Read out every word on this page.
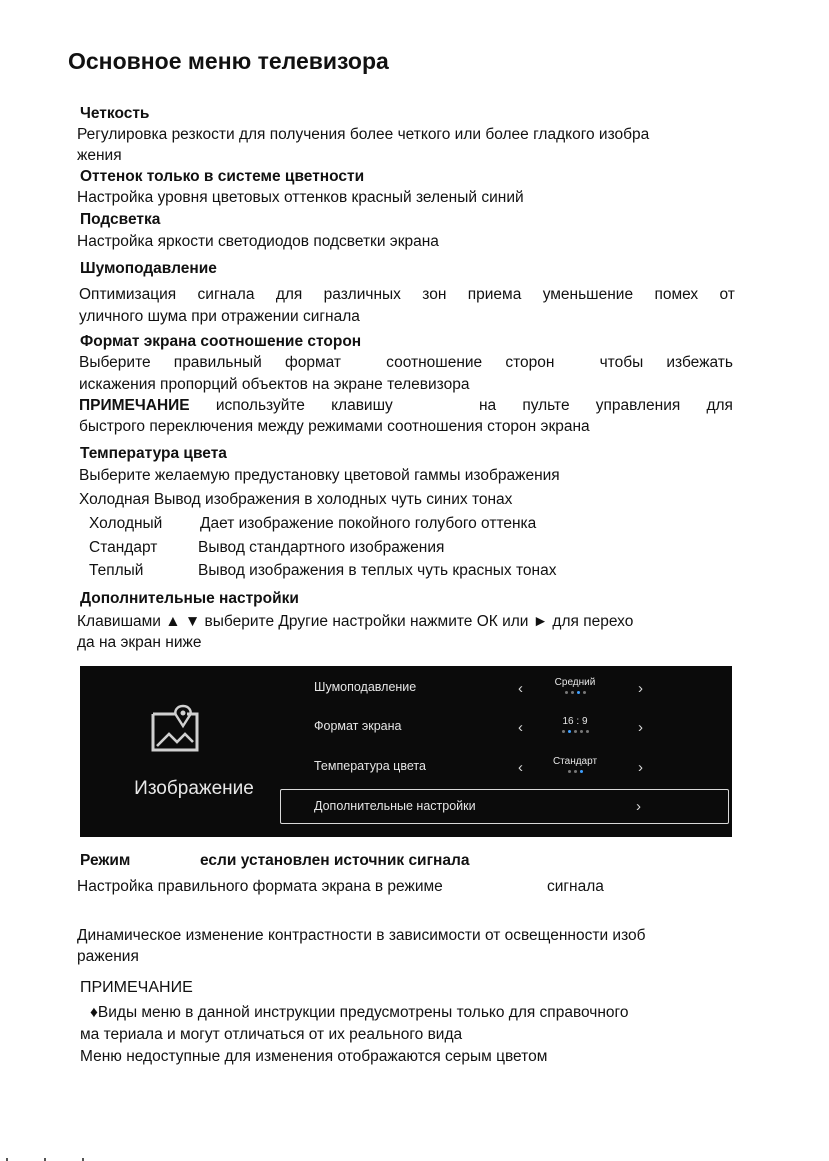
Основное меню телевизора
Четкость
Регулировка резкости для получения более четкого или более гладкого изобра
жения
Оттенок только в системе цветности
Настройка уровня цветовых оттенков красный зеленый синий
Подсветка
Настройка яркости светодиодов подсветки экрана
Шумоподавление
Оптимизация сигнала для различных зон приема уменьшение помех от
уличного шума при отражении сигнала
Формат экрана соотношение сторон
Выберите правильный формат	соотношение сторон	чтобы избежать
искажения пропорций объектов на экране телевизора
ПРИМЕЧАНИЕ используйте клавишу	на пульте управления для
быстрого переключения между режимами соотношения сторон экрана
Температура цвета
Выберите желаемую предустановку цветовой гаммы изображения
Холодная Вывод изображения в холодных чуть синих тонах
Холодный Дает изображение покойного голубого оттенка
Стандарт	Вывод стандартного изображения
Теплый	Вывод изображения в теплых чуть красных тонах
Дополнительные настройки
Клавишами ▲ ▼ выберите Другие настройки нажмите ОК или ► для перехо
да на экран ниже
Изображение
Шумоподавление	‹	Средний	›
Формат экрана	‹	16 : 9	›
Температура цвета	‹	Стандарт	›
Дополнительные настройки	›
Режим	если установлен источник сигнала
Настройка правильного формата экрана в режиме	сигнала
Динамическое изменение контрастности в зависимости от освещенности изоб
ражения
ПРИМЕЧАНИЕ
♦Виды меню в данной инструкции предусмотрены только для справочного
ма териала и могут отличаться от их реального вида
Меню недоступные для изменения отображаются серым цветом
